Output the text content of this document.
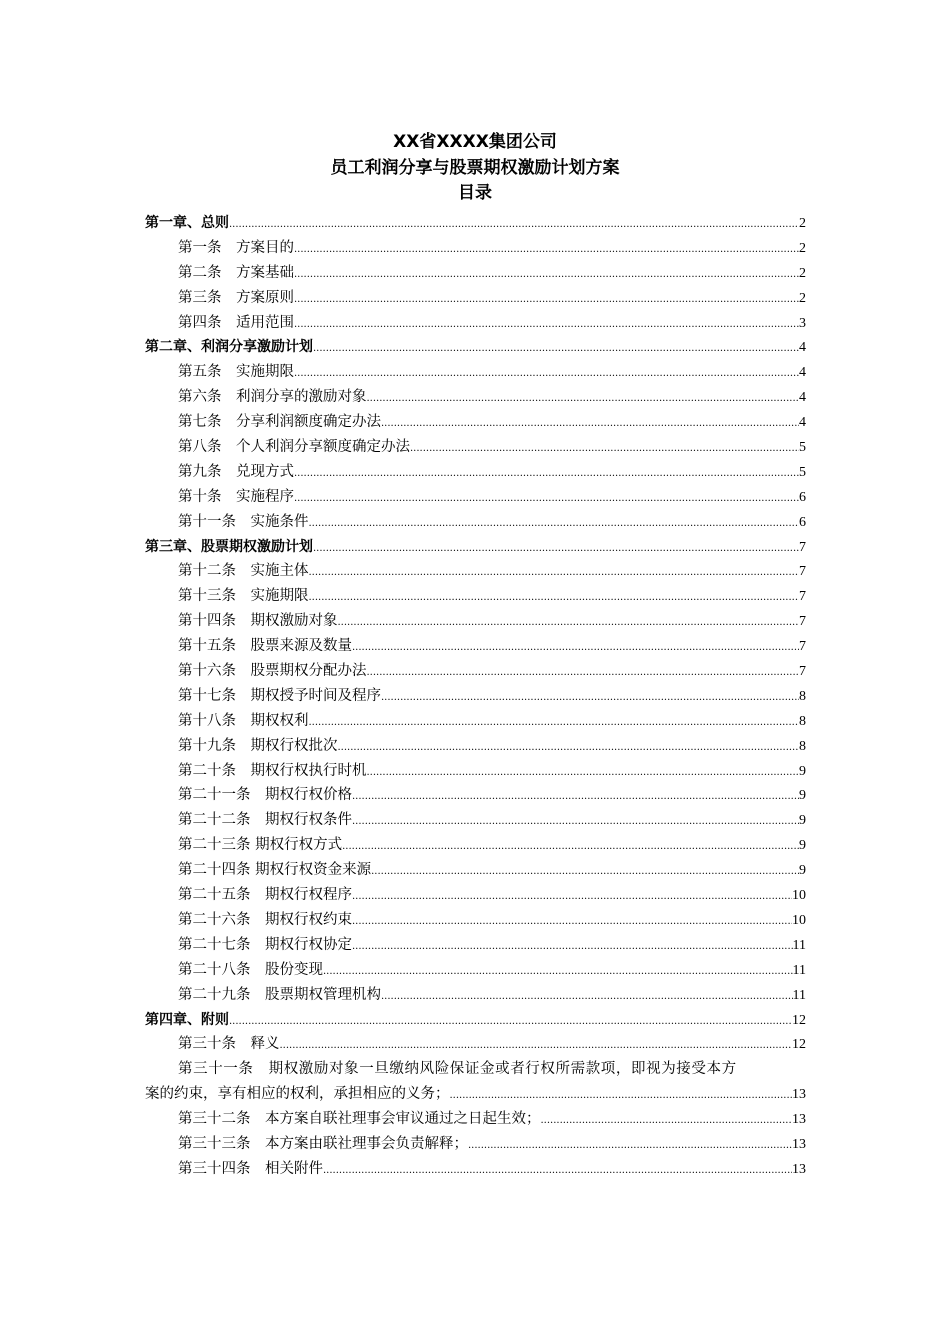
XX省XXXX集团公司
员工利润分享与股票期权激励计划方案
目录
第一章、总则 .....	2
第一条　方案目的 .....	2
第二条　方案基础 .....	2
第三条　方案原则 .....	2
第四条　适用范围 .....	3
第二章、利润分享激励计划 .....	4
第五条　实施期限 .....	4
第六条　利润分享的激励对象 .....	4
第七条　分享利润额度确定办法 .....	4
第八条　个人利润分享额度确定办法 .....	5
第九条　兑现方式 .....	5
第十条　实施程序 .....	6
第十一条　实施条件 .....	6
第三章、股票期权激励计划 .....	7
第十二条　实施主体 .....	7
第十三条　实施期限 .....	7
第十四条　期权激励对象 .....	7
第十五条　股票来源及数量 .....	7
第十六条　股票期权分配办法 .....	7
第十七条　期权授予时间及程序 .....	8
第十八条　期权权利 .....	8
第十九条　期权行权批次 .....	8
第二十条　期权行权执行时机 .....	9
第二十一条　期权行权价格 .....	9
第二十二条　期权行权条件 .....	9
第二十三条 期权行权方式 .....	9
第二十四条 期权行权资金来源 .....	9
第二十五条　期权行权程序 .....	10
第二十六条　期权行权约束 .....	10
第二十七条　期权行权协定 .....	11
第二十八条　股份变现 .....	11
第二十九条　股票期权管理机构 .....	11
第四章、附则 .....	12
第三十条　释义 .....	12
第三十一条　期权激励对象一旦缴纳风险保证金或者行权所需款项，即视为接受本方
案的约束，享有相应的权利，承担相应的义务； .....	13
第三十二条　本方案自联社理事会审议通过之日起生效； .....	13
第三十三条　本方案由联社理事会负责解释； .....	13
第三十四条　相关附件 .....	13
